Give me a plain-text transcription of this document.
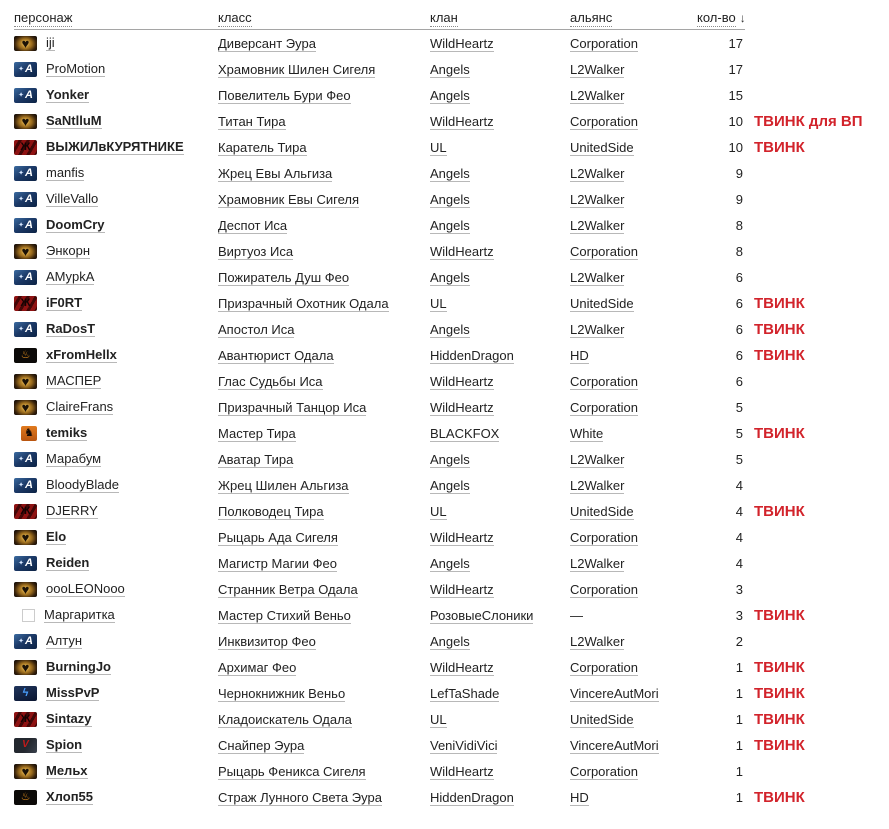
персонаж	класс	клан	альянс	кол-во ↓
♥ iji	Диверсант Эура	WildHeartz	Corporation	17
✦ A ProMotion	Храмовник Шилен Сигеля	Angels	L2Walker	17
✦ A Yonker	Повелитель Бури Фео	Angels	L2Walker	15
♥ SaNtlluM	Титан Тира	WildHeartz	Corporation	10 ТВИНК для ВП
Ж ВЫЖИЛвКУРЯТНИКЕ	Каратель Тира	UL	UnitedSide	10 ТВИНК
✦ A manfis	Жрец Евы Альгиза	Angels	L2Walker	9
✦ A VilleVallo	Храмовник Евы Сигеля	Angels	L2Walker	9
✦ A DoomCry	Деспот Иса	Angels	L2Walker	8
♥ Энкорн	Виртуоз Иса	WildHeartz	Corporation	8
✦ A AMypkA	Пожиратель Душ Фео	Angels	L2Walker	6
Ж iF0RT	Призрачный Охотник Одала	UL	UnitedSide	6 ТВИНК
✦ A RaDosT	Апостол Иса	Angels	L2Walker	6 ТВИНК
♨ xFromHellx	Авантюрист Одала	HiddenDragon	HD	6 ТВИНК
♥ МАСПЕР	Глас Судьбы Иса	WildHeartz	Corporation	6
♥ ClaireFrans	Призрачный Танцор Иса	WildHeartz	Corporation	5
♞ temiks	Мастер Тира	BLACKFOX	White	5 ТВИНК
✦ A Марабум	Аватар Тира	Angels	L2Walker	5
✦ A BloodyBlade	Жрец Шилен Альгиза	Angels	L2Walker	4
Ж DJERRY	Полководец Тира	UL	UnitedSide	4 ТВИНК
♥ Elo	Рыцарь Ада Сигеля	WildHeartz	Corporation	4
✦ A Reiden	Магистр Магии Фео	Angels	L2Walker	4
♥ oooLEONooo	Странник Ветра Одала	WildHeartz	Corporation	3
Маргаритка	Мастер Стихий Веньо	РозовыеСлоники	—	3 ТВИНК
✦ A Алтун	Инквизитор Фео	Angels	L2Walker	2
♥ BurningJo	Архимаг Фео	WildHeartz	Corporation	1 ТВИНК
ϟ MissPvP	Чернокнижник Веньо	LefTaShade	VincereAutMori	1 ТВИНК
Ж Sintazy	Кладоискатель Одала	UL	UnitedSide	1 ТВИНК
V Spion	Снайпер Эура	VeniVidiVici	VincereAutMori	1 ТВИНК
♥ Мельх	Рыцарь Феникса Сигеля	WildHeartz	Corporation	1
♨ Хлоп55	Страж Лунного Света Эура	HiddenDragon	HD	1 ТВИНК
